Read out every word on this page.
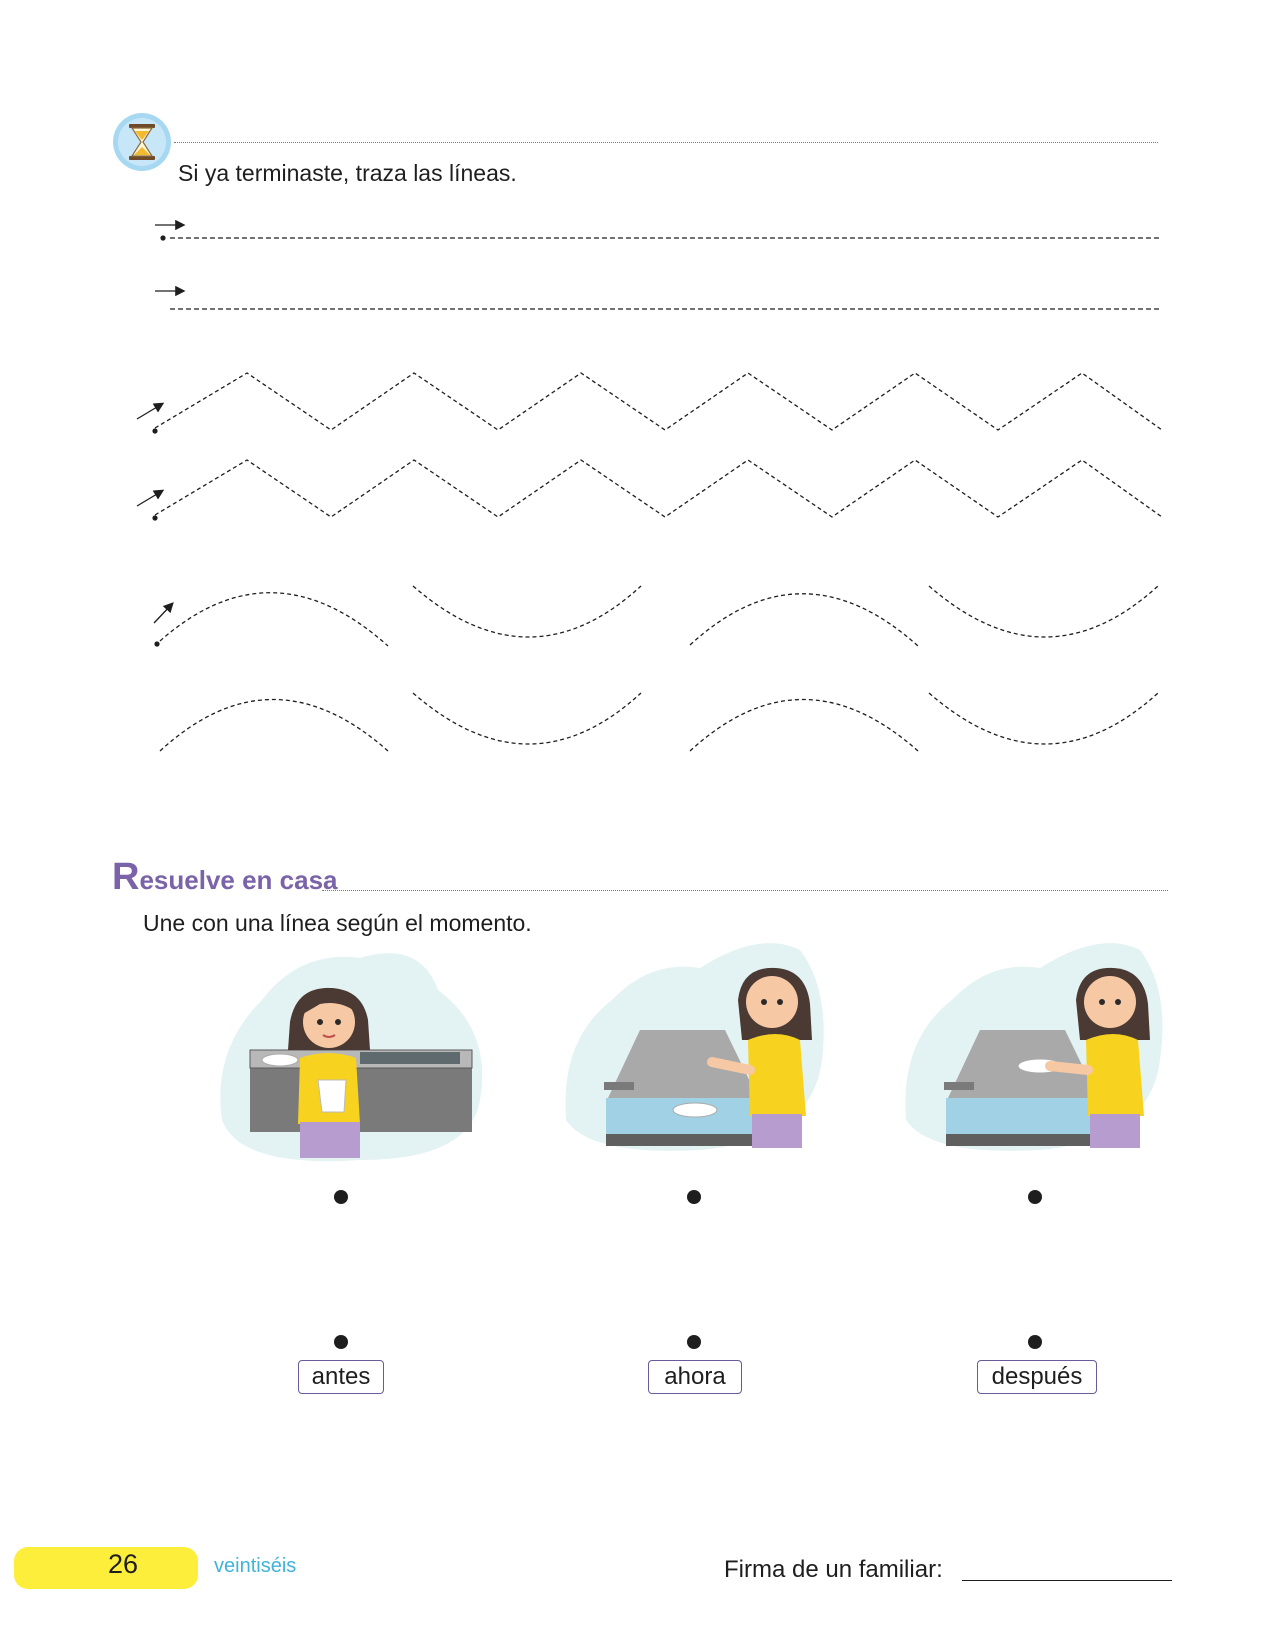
Si ya terminaste, traza las líneas.
Resuelve en casa
Une con una línea según el momento.
antes	ahora	después
26	veintiséis	Firma de un familiar:
